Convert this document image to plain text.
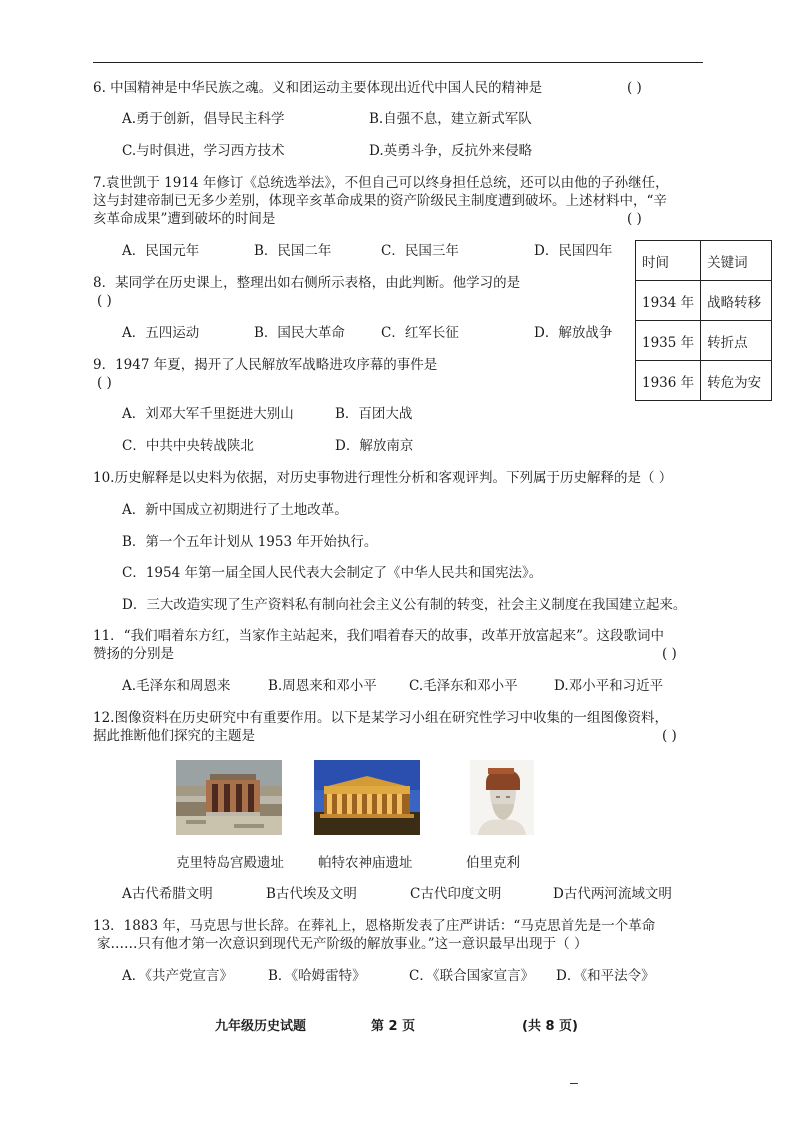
6. 中国精神是中华民族之魂。义和团运动主要体现出近代中国人民的精神是	( )
A.勇于创新，倡导民主科学	B.自强不息，建立新式军队
C.与时俱进，学习西方技术	D.英勇斗争，反抗外来侵略
7.袁世凯于 1914 年修订《总统选举法》，不但自己可以终身担任总统，还可以由他的子孙继任，
这与封建帝制已无多少差别，体现辛亥革命成果的资产阶级民主制度遭到破坏。上述材料中，“辛
亥革命成果”遭到破坏的时间是	( )
A．民国元年	B．民国二年	C．民国三年	D．民国四年
时间	关键词
1934 年	战略转移
1935 年	转折点
1936 年	转危为安
8．某同学在历史课上，整理出如右侧所示表格，由此判断。他学习的是
( )
A．五四运动	B．国民大革命	C．红军长征	D．解放战争
9．1947 年夏，揭开了人民解放军战略进攻序幕的事件是
( )
A．刘邓大军千里挺进大别山	B．百团大战
C．中共中央转战陕北	D．解放南京
10.历史解释是以史料为依据，对历史事物进行理性分析和客观评判。下列属于历史解释的是（ ）
A．新中国成立初期进行了土地改革。
B．第一个五年计划从 1953 年开始执行。
C．1954 年第一届全国人民代表大会制定了《中华人民共和国宪法》。
D．三大改造实现了生产资料私有制向社会主义公有制的转变，社会主义制度在我国建立起来。
11．“我们唱着东方红，当家作主站起来，我们唱着春天的故事，改革开放富起来”。这段歌词中
赞扬的分别是	( )
A.毛泽东和周恩来	B.周恩来和邓小平 C.毛泽东和邓小平	D.邓小平和习近平
12.图像资料在历史研究中有重要作用。以下是某学习小组在研究性学习中收集的一组图像资料，
据此推断他们探究的主题是	( )
克里特岛宫殿遗址	帕特农神庙遗址	伯里克利
A古代希腊文明	B古代埃及文明	C古代印度文明	D古代两河流域文明
13．1883 年，马克思与世长辞。在葬礼上，恩格斯发表了庄严讲话：“马克思首先是一个革命
家……只有他才第一次意识到现代无产阶级的解放事业。”这一意识最早出现于（ ）
A．《共产党宣言》	B．《哈姆雷特》	C．《联合国家宣言》 D．《和平法令》
九年级历史试题	第 2 页	(共 8 页)
